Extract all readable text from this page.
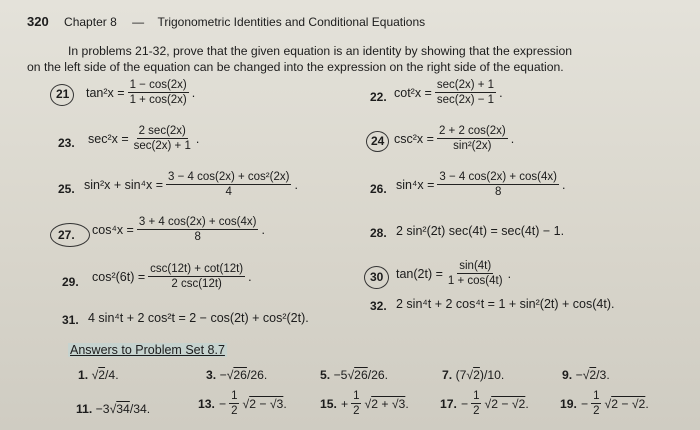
320 Chapter 8 — Trigonometric Identities and Conditional Equations
In problems 21-32, prove that the given equation is an identity by showing that the expression
on the left side of the equation can be changed into the expression on the right side of the equation.
21 $\tan^2x = \frac{1 - \cos(2x)}{1 + \cos(2x)}$ .	22. $\cot^2x = \frac{\sec(2x) + 1}{\sec(2x) - 1}$ .
23. $\sec^2x = \frac{2 \sec(2x)}{\sec(2x) + 1}$ .	24 $\csc^2x = \frac{2 + 2 \cos(2x)}{\text{sin²(2x)}}$ .
25. $\sin^2x + \sin^4x = \frac{\text{3 − 4 cos(2x) + cos²(2x)}}{4}$ .	26. $\sin^4x = \frac{3 - 4 \cos(2x) + \cos(4x)}{8}$ .
27. $\cos^4x = \frac{3 + 4 \cos(2x) + \cos(4x)}{8}$ .	28. 2 sin²(2t) sec(4t) = sec(4t) − 1.
29. $\cos^2(6t) = \frac{\csc(12t) + \cot(12t)}{2 \csc(12t)}$ .	30 $\tan(2t) = \frac{\sin(4t)}{1 + \cos(4t)}$ .
31. 4 sin⁴t + 2 cos²t = 2 − cos(2t) + cos²(2t).
32. 2 sin⁴t + 2 cos⁴t = 1 + sin²(2t) + cos(4t).
Answers to Problem Set 8.7
1. √2/4.	3. −√26/26.	5. −5√26/26.	7. (7√2)/10.	9. −√2/3.
11. −3√34/34.	13. − $\frac{1}{2}$ √ 2 − √3 .	15. + $\frac{1}{2}$ √ 2 + √3 .	17. − $\frac{1}{2}$ √ 2 − √2 .	19. − $\frac{1}{2}$ √ 2 − √2 .
